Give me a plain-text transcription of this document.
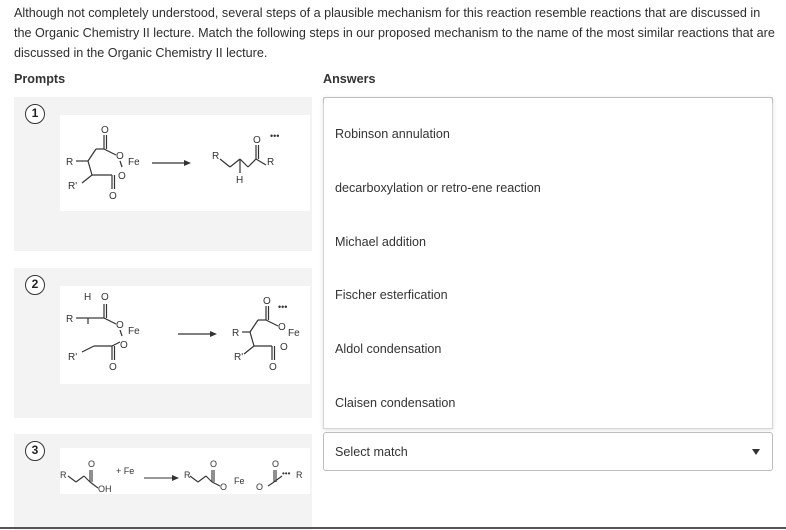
Although not completely understood, several steps of a plausible mechanism for this reaction resemble reactions that are discussed in the Organic Chemistry II lecture. Match the following steps in our proposed mechanism to the name of the most similar reactions that are discussed in the Organic Chemistry II lecture.
Prompts	Answers
1
R
R'
O
O
Fe
O
O
R
O •••
R
H
2
H O
R
O
Fe
O
R'
O
R
R'
O •••
O
Fe
O
O
3
R
O
OH
+ Fe	R
O
O
Fe
O
O
••• R
Robinson annulation
decarboxylation or retro-ene reaction
Michael addition
Fischer esterfication
Aldol condensation
Claisen condensation
Select match
